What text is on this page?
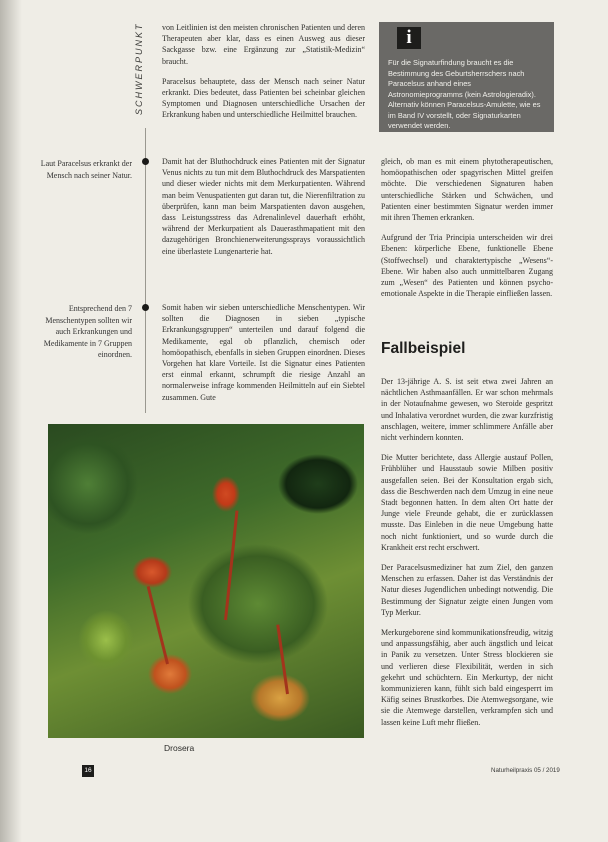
SCHWERPUNKT
Laut Paracelsus erkrankt der Mensch nach seiner Natur.
Entsprechend den 7 Menschentypen sollten wir auch Erkrankungen und Medikamente in 7 Gruppen einordnen.

von Leitlinien ist den meisten chronischen Patienten und deren Therapeuten aber klar, dass es einen Ausweg aus dieser Sackgasse bzw. eine Ergänzung zur „Statistik-Medizin“ braucht.

Paracelsus behauptete, dass der Mensch nach seiner Natur erkrankt. Dies bedeutet, dass Patienten bei scheinbar gleichen Symptomen und Diagnosen unterschiedliche Ursachen der Erkrankung haben und unterschiedliche Heilmittel brauchen.

Damit hat der Bluthochdruck eines Patienten mit der Signatur Venus nichts zu tun mit dem Bluthochdruck des Marspatienten und dieser wieder nichts mit dem Merkurpatienten. Während man beim Venuspatienten gut daran tut, die Nierenfiltration zu überprüfen, kann man beim Marspatienten davon ausgehen, dass Leistungsstress das Adrenalinlevel dauerhaft erhöht, während der Merkurpatient als Dauerasthmapatient mit den dazugehörigen Bronchienerweiterungssprays voraussichtlich eine überlastete Lungenarterie hat.

Somit haben wir sieben unterschiedliche Menschentypen. Wir sollten die Diagnosen in sieben „typische Erkrankungsgruppen“ unterteilen und darauf folgend die Medikamente, egal ob pflanzlich, chemisch oder homöopathisch, ebenfalls in sieben Gruppen einordnen. Dieses Vorgehen hat klare Vorteile. Ist die Signatur eines Patienten erst einmal erkannt, schrumpft die riesige Anzahl an normalerweise infrage kommenden Heilmitteln auf ein Siebtel zusammen. Gute

i
Für die Signaturfindung braucht es die Bestimmung des Geburtsherrschers nach Paracelsus anhand eines Astronomieprogramms (kein Astrologieradix). Alternativ können Paracelsus-Amulette, wie es im Band IV vorstellt, oder Signaturkarten verwendet werden.

gleich, ob man es mit einem phytotherapeutischen, homöopathischen oder spagyrischen Mittel greifen möchte. Die verschiedenen Signaturen haben unterschiedliche Stärken und Schwächen, und Patienten einer bestimmten Signatur werden immer mit ihren Themen erkranken.

Aufgrund der Tria Principia unterscheiden wir drei Ebenen: körperliche Ebene, funktionelle Ebene (Stoffwechsel) und charaktertypische „Wesens“-Ebene. Wir haben also auch unmittelbaren Zugang zum „Wesen“ des Patienten und können psycho-emotionale Aspekte in die Therapie einfließen lassen.

Fallbeispiel

Der 13-jährige A. S. ist seit etwa zwei Jahren an nächtlichen Asthmaanfällen. Er war schon mehrmals in der Notaufnahme gewesen, wo Steroide gespritzt und Inhalativa verordnet wurden, die zwar kurzfristig anschlagen, weitere, immer schlimmere Anfälle aber nicht verhindern konnten.

Die Mutter berichtete, dass Allergie austauf Pollen, Frühblüher und Hausstaub sowie Milben positiv ausgefallen seien. Bei der Konsultation ergab sich, dass die Beschwerden nach dem Umzug in eine neue Stadt begonnen hatten. In dem alten Ort hatte der Junge viele Freunde gehabt, die er zurücklassen musste. Das Einleben in die neue Umgebung hatte noch nicht funktioniert, und so wurde durch die Krankheit erst recht erschwert.

Der Paracelsusmediziner hat zum Ziel, den ganzen Menschen zu erfassen. Daher ist das Verständnis der Natur dieses Jugendlichen unbedingt notwendig. Die Bestimmung der Signatur zeigte einen Jungen vom Typ Merkur.

Merkurgeborene sind kommunikationsfreudig, witzig und anpassungsfähig, aber auch ängstlich und leicat in Panik zu versetzen. Unter Stress blockieren sie und verlieren diese Flexibilität, werden in sich gekehrt und schüchtern. Ein Merkurtyp, der nicht kommunizieren kann, fühlt sich bald eingesperrt im Käfig seines Brustkorbes. Die Atemwegsorgane, wie sie die Atemwege darstellen, verkrampfen sich und lassen keine Luft mehr fließen.

Drosera
16	Naturheilpraxis 05 / 2019
